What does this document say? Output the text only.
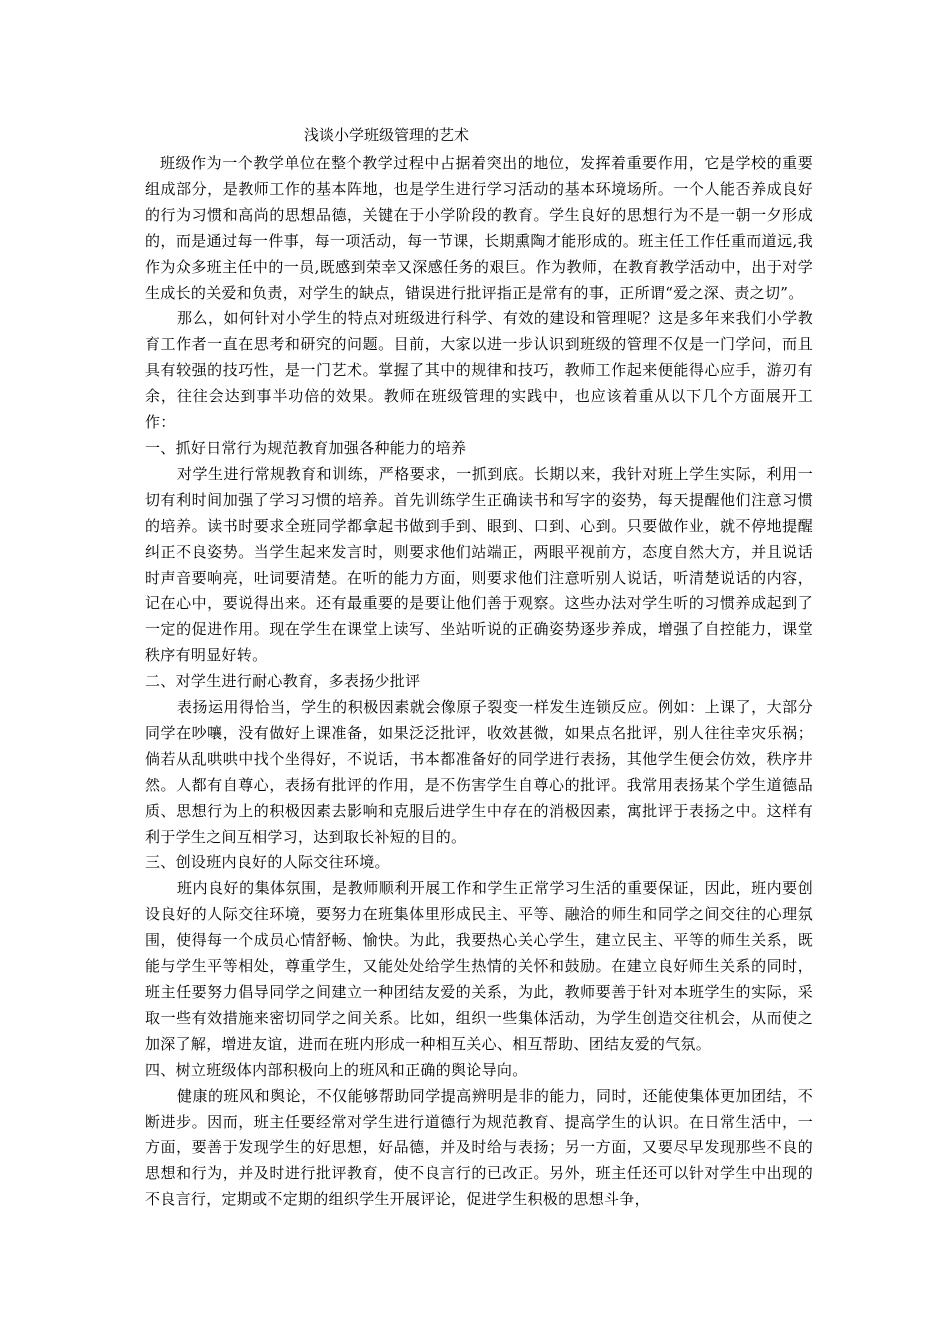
浅谈小学班级管理的艺术

班级作为一个教学单位在整个教学过程中占据着突出的地位，发挥着重要作用，它是学校的重要组成部分，是教师工作的基本阵地，也是学生进行学习活动的基本环境场所。一个人能否养成良好的行为习惯和高尚的思想品德，关键在于小学阶段的教育。学生良好的思想行为不是一朝一夕形成的，而是通过每一件事，每一项活动，每一节课，长期熏陶才能形成的。班主任工作任重而道远,我作为众多班主任中的一员,既感到荣幸又深感任务的艰巨。作为教师，在教育教学活动中，出于对学生成长的关爱和负责，对学生的缺点，错误进行批评指正是常有的事，正所谓“爱之深、责之切”。

那么，如何针对小学生的特点对班级进行科学、有效的建设和管理呢？这是多年来我们小学教育工作者一直在思考和研究的问题。目前，大家以进一步认识到班级的管理不仅是一门学问，而且具有较强的技巧性，是一门艺术。掌握了其中的规律和技巧，教师工作起来便能得心应手，游刃有余，往往会达到事半功倍的效果。教师在班级管理的实践中，也应该着重从以下几个方面展开工作：

一、抓好日常行为规范教育加强各种能力的培养

对学生进行常规教育和训练，严格要求，一抓到底。长期以来，我针对班上学生实际，利用一切有利时间加强了学习习惯的培养。首先训练学生正确读书和写字的姿势，每天提醒他们注意习惯的培养。读书时要求全班同学都拿起书做到手到、眼到、口到、心到。只要做作业，就不停地提醒纠正不良姿势。当学生起来发言时，则要求他们站端正，两眼平视前方，态度自然大方，并且说话时声音要响亮，吐词要清楚。在听的能力方面，则要求他们注意听别人说话，听清楚说话的内容，记在心中，要说得出来。还有最重要的是要让他们善于观察。这些办法对学生听的习惯养成起到了一定的促进作用。现在学生在课堂上读写、坐站听说的正确姿势逐步养成，增强了自控能力，课堂秩序有明显好转。

二、对学生进行耐心教育，多表扬少批评

表扬运用得恰当，学生的积极因素就会像原子裂变一样发生连锁反应。例如：上课了，大部分同学在吵嚷，没有做好上课准备，如果泛泛批评，收效甚微，如果点名批评，别人往往幸灾乐祸；倘若从乱哄哄中找个坐得好，不说话，书本都准备好的同学进行表扬，其他学生便会仿效，秩序井然。人都有自尊心，表扬有批评的作用，是不伤害学生自尊心的批评。我常用表扬某个学生道德品质、思想行为上的积极因素去影响和克服后进学生中存在的消极因素，寓批评于表扬之中。这样有利于学生之间互相学习，达到取长补短的目的。

三、创设班内良好的人际交往环境。

班内良好的集体氛围，是教师顺利开展工作和学生正常学习生活的重要保证，因此，班内要创设良好的人际交往环境，要努力在班集体里形成民主、平等、融洽的师生和同学之间交往的心理氛围，使得每一个成员心情舒畅、愉快。为此，我要热心关心学生，建立民主、平等的师生关系，既能与学生平等相处，尊重学生，又能处处给学生热情的关怀和鼓励。在建立良好师生关系的同时，班主任要努力倡导同学之间建立一种团结友爱的关系，为此，教师要善于针对本班学生的实际，采取一些有效措施来密切同学之间关系。比如，组织一些集体活动，为学生创造交往机会，从而使之加深了解，增进友谊，进而在班内形成一种相互关心、相互帮助、团结友爱的气氛。

四、树立班级体内部积极向上的班风和正确的舆论导向。

健康的班风和舆论，不仅能够帮助同学提高辨明是非的能力，同时，还能使集体更加团结，不断进步。因而，班主任要经常对学生进行道德行为规范教育、提高学生的认识。在日常生活中，一方面，要善于发现学生的好思想，好品德，并及时给与表扬；另一方面，又要尽早发现那些不良的思想和行为，并及时进行批评教育，使不良言行的已改正。另外，班主任还可以针对学生中出现的不良言行，定期或不定期的组织学生开展评论，促进学生积极的思想斗争，
